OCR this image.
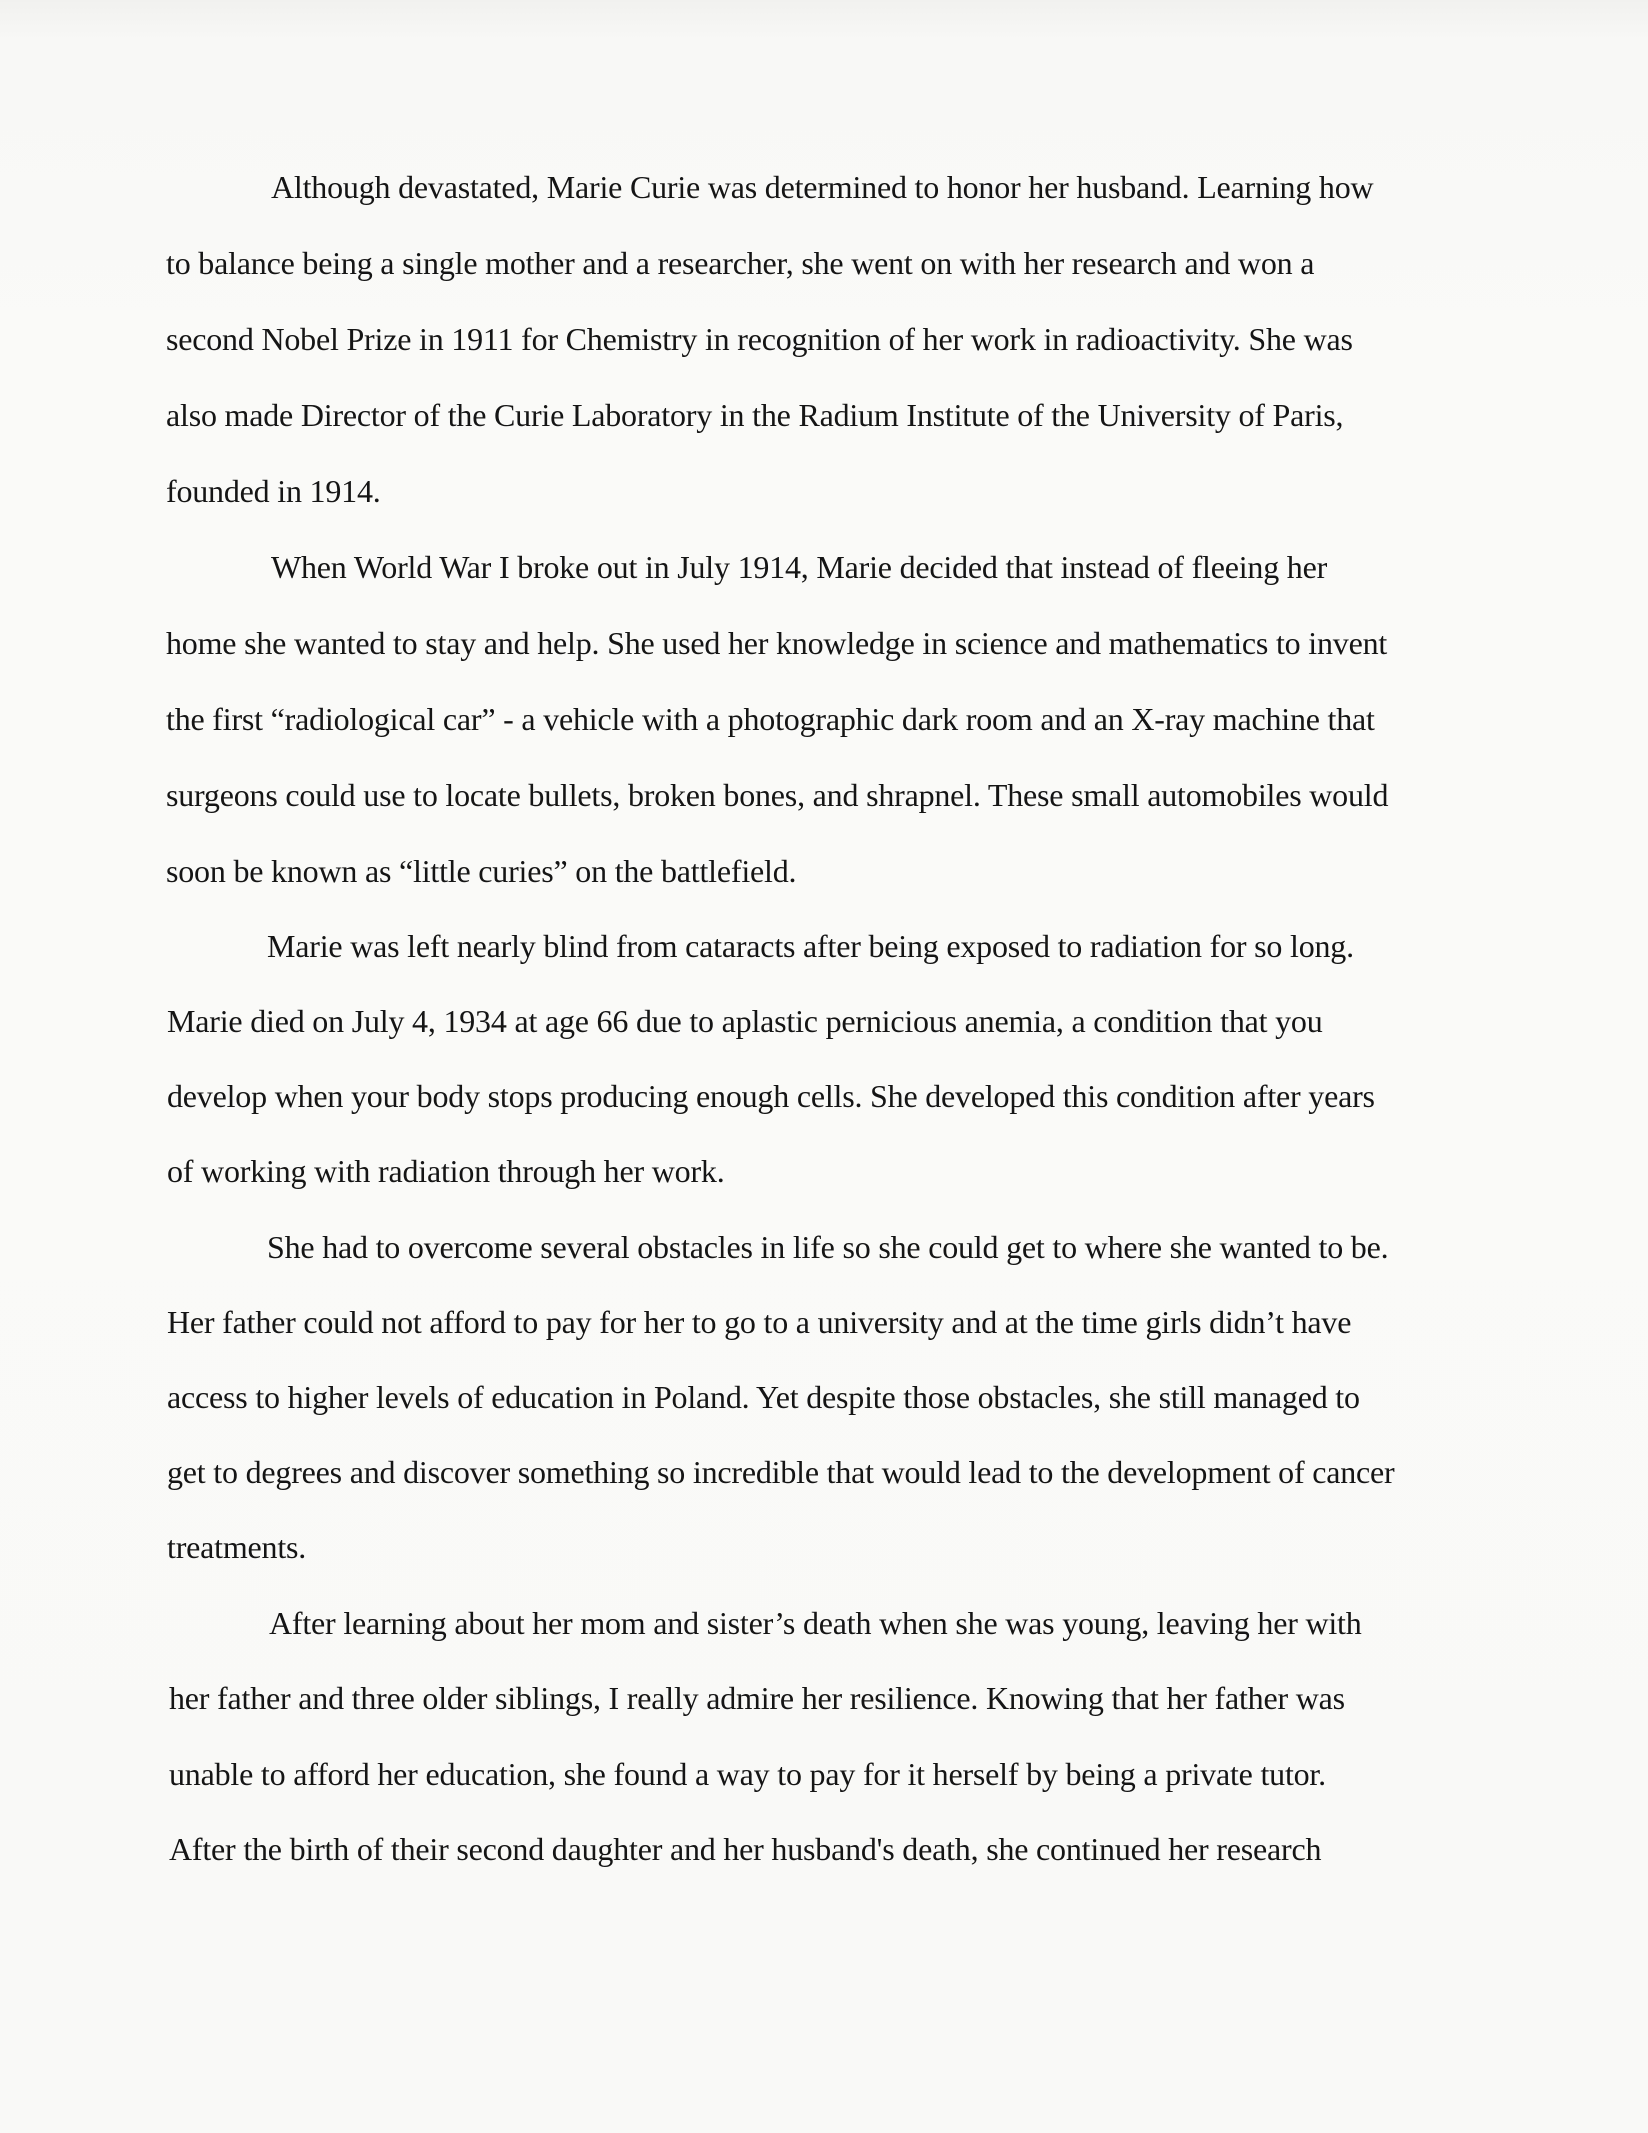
Although devastated, Marie Curie was determined to honor her husband. Learning how
to balance being a single mother and a researcher, she went on with her research and won a
second Nobel Prize in 1911 for Chemistry in recognition of her work in radioactivity. She was
also made Director of the Curie Laboratory in the Radium Institute of the University of Paris,
founded in 1914.
When World War I broke out in July 1914, Marie decided that instead of fleeing her
home she wanted to stay and help. She used her knowledge in science and mathematics to invent
the first “radiological car” - a vehicle with a photographic dark room and an X-ray machine that
surgeons could use to locate bullets, broken bones, and shrapnel. These small automobiles would
soon be known as “little curies” on the battlefield.
Marie was left nearly blind from cataracts after being exposed to radiation for so long.
Marie died on July 4, 1934 at age 66 due to aplastic pernicious anemia, a condition that you
develop when your body stops producing enough cells. She developed this condition after years
of working with radiation through her work.
She had to overcome several obstacles in life so she could get to where she wanted to be.
Her father could not afford to pay for her to go to a university and at the time girls didn’t have
access to higher levels of education in Poland. Yet despite those obstacles, she still managed to
get to degrees and discover something so incredible that would lead to the development of cancer
treatments.
After learning about her mom and sister’s death when she was young, leaving her with
her father and three older siblings, I really admire her resilience. Knowing that her father was
unable to afford her education, she found a way to pay for it herself by being a private tutor.
After the birth of their second daughter and her husband's death, she continued her research
